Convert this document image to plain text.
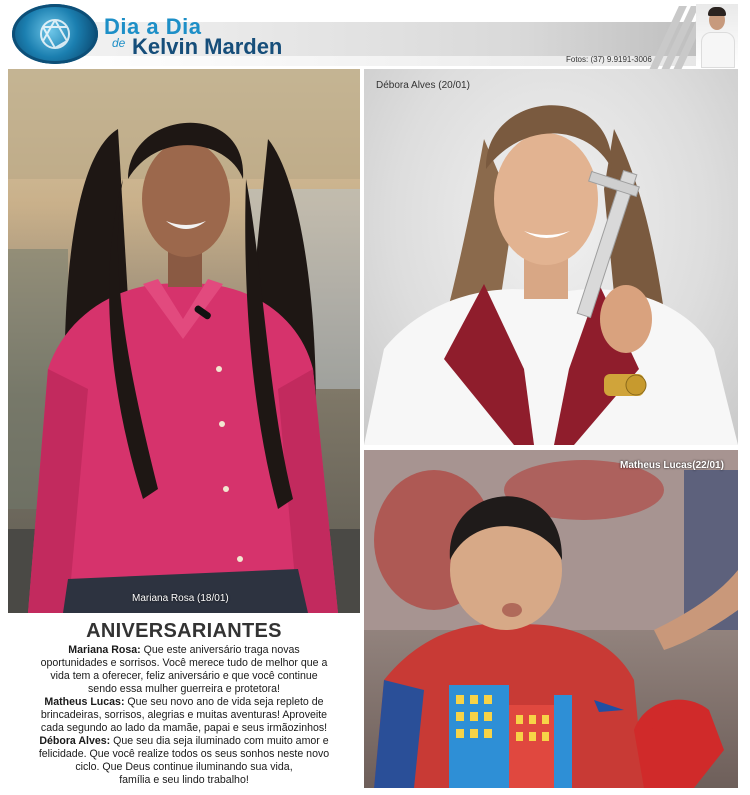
Dia a Dia
de Kelvin Marden
Fotos: (37) 9.9191-3006
Mariana Rosa (18/01)
Débora Alves (20/01)
Matheus Lucas(22/01)
ANIVERSARIANTES
Mariana Rosa: Que este aniversário traga novas
oportunidades e sorrisos. Você merece tudo de melhor que a
vida tem a oferecer, feliz aniversário e que você continue
sendo essa mulher guerreira e protetora!
Matheus Lucas: Que seu novo ano de vida seja repleto de
brincadeiras, sorrisos, alegrias e muitas aventuras! Aproveite
cada segundo ao lado da mamãe, papai e seus irmãozinhos!
Débora Alves: Que seu dia seja iluminado com muito amor e
felicidade. Que você realize todos os seus sonhos neste novo
ciclo. Que Deus continue iluminando sua vida,
família e seu lindo trabalho!
